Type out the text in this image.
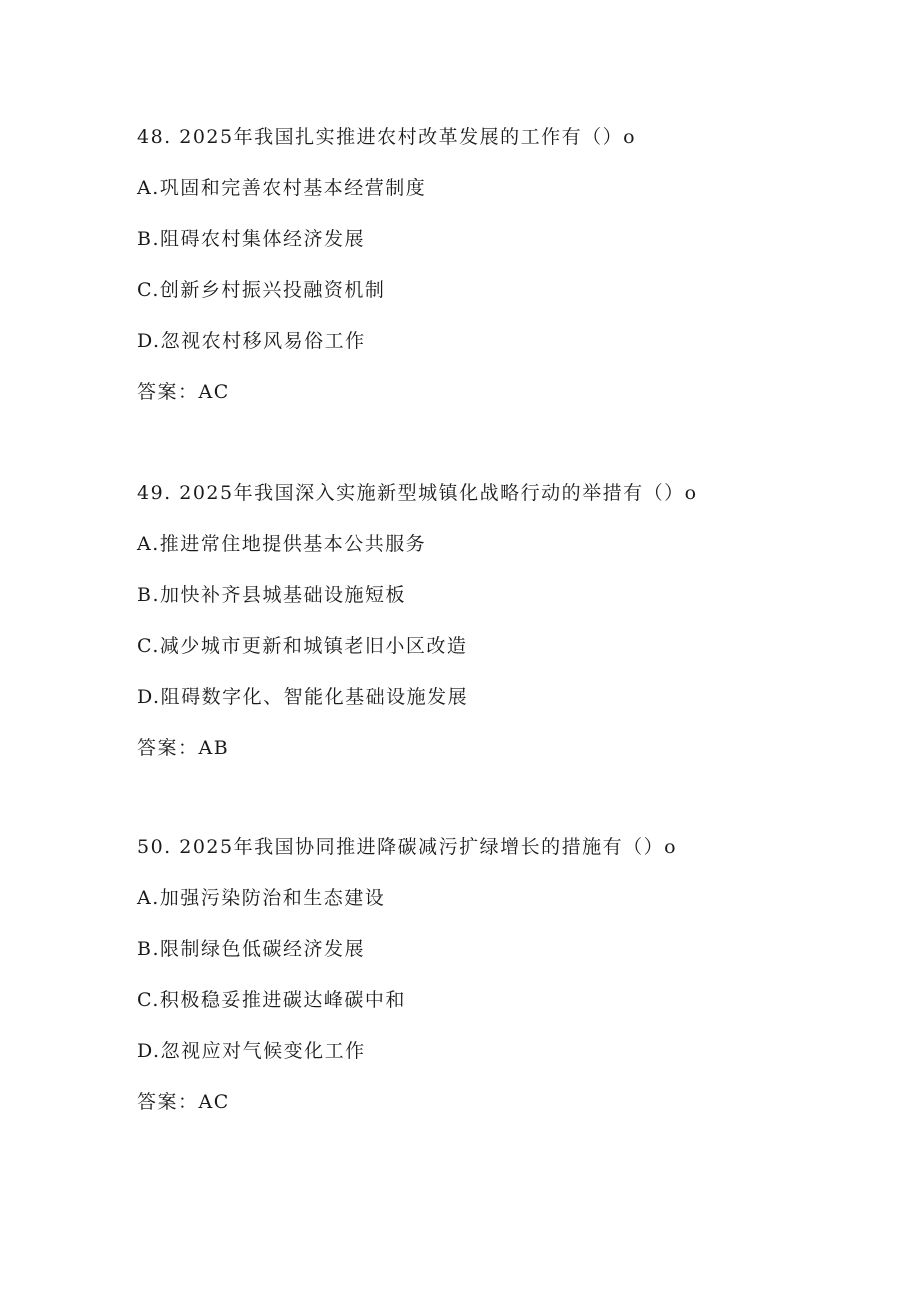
48. 2025年我国扎实推进农村改革发展的工作有（）o
A.巩固和完善农村基本经营制度
B.阻碍农村集体经济发展
C.创新乡村振兴投融资机制
D.忽视农村移风易俗工作
答案：AC
49. 2025年我国深入实施新型城镇化战略行动的举措有（）o
A.推进常住地提供基本公共服务
B.加快补齐县城基础设施短板
C.减少城市更新和城镇老旧小区改造
D.阻碍数字化、智能化基础设施发展
答案：AB
50. 2025年我国协同推进降碳减污扩绿增长的措施有（）o
A.加强污染防治和生态建设
B.限制绿色低碳经济发展
C.积极稳妥推进碳达峰碳中和
D.忽视应对气候变化工作
答案：AC
